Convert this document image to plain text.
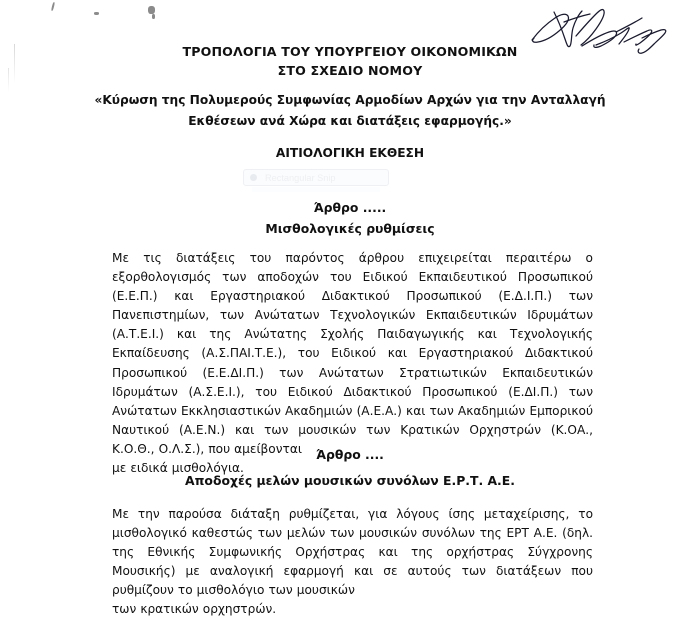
ΤΡΟΠΟΛΟΓΙΑ ΤΟΥ ΥΠΟΥΡΓΕΙΟΥ ΟΙΚΟΝΟΜΙΚΩΝ
ΣΤΟ ΣΧΕΔΙΟ ΝΟΜΟΥ
«Κύρωση της Πολυμερούς Συμφωνίας Αρμοδίων Αρχών για την Ανταλλαγή
Εκθέσεων ανά Χώρα και διατάξεις εφαρμογής.»
ΑΙΤΙΟΛΟΓΙΚΗ ΕΚΘΕΣΗ
Rectangular Snip
Άρθρο .....
Μισθολογικές ρυθμίσεις
Με τις διατάξεις του παρόντος άρθρου επιχειρείται περαιτέρω ο εξορθολογισμός των αποδοχών του Ειδικού Εκπαιδευτικού Προσωπικού (Ε.Ε.Π.) και Εργαστηριακού Διδακτικού Προσωπικού (Ε.Δ.Ι.Π.) των Πανεπιστημίων, των Ανώτατων Τεχνολογικών Εκπαιδευτικών Ιδρυμάτων (Α.Τ.Ε.Ι.) και της Ανώτατης Σχολής Παιδαγωγικής και Τεχνολογικής Εκπαίδευσης (Α.Σ.ΠΑΙ.Τ.Ε.), του Ειδικού και Εργαστηριακού Διδακτικού Προσωπικού (Ε.Ε.ΔΙ.Π.) των Ανώτατων Στρατιωτικών Εκπαιδευτικών Ιδρυμάτων (Α.Σ.Ε.Ι.), του Ειδικού Διδακτικού Προσωπικού (Ε.ΔΙ.Π.) των Ανώτατων Εκκλησιαστικών Ακαδημιών (Α.Ε.Α.) και των Ακαδημιών Εμπορικού Ναυτικού (Α.Ε.Ν.) και των μουσικών των Κρατικών Ορχηστρών (Κ.ΟΑ., Κ.Ο.Θ., Ο.Λ.Σ.), που αμείβονται
με ειδικά μισθολόγια.
Άρθρο ....
Αποδοχές μελών μουσικών συνόλων Ε.Ρ.Τ. Α.Ε.
Με την παρούσα διάταξη ρυθμίζεται, για λόγους ίσης μεταχείρισης, το μισθολογικό καθεστώς των μελών των μουσικών συνόλων της ΕΡΤ Α.Ε. (δηλ. της Εθνικής Συμφωνικής Ορχήστρας και της ορχήστρας Σύγχρονης Μουσικής) με αναλογική εφαρμογή και σε αυτούς των διατάξεων που ρυθμίζουν το μισθολόγιο των μουσικών
των κρατικών ορχηστρών.
